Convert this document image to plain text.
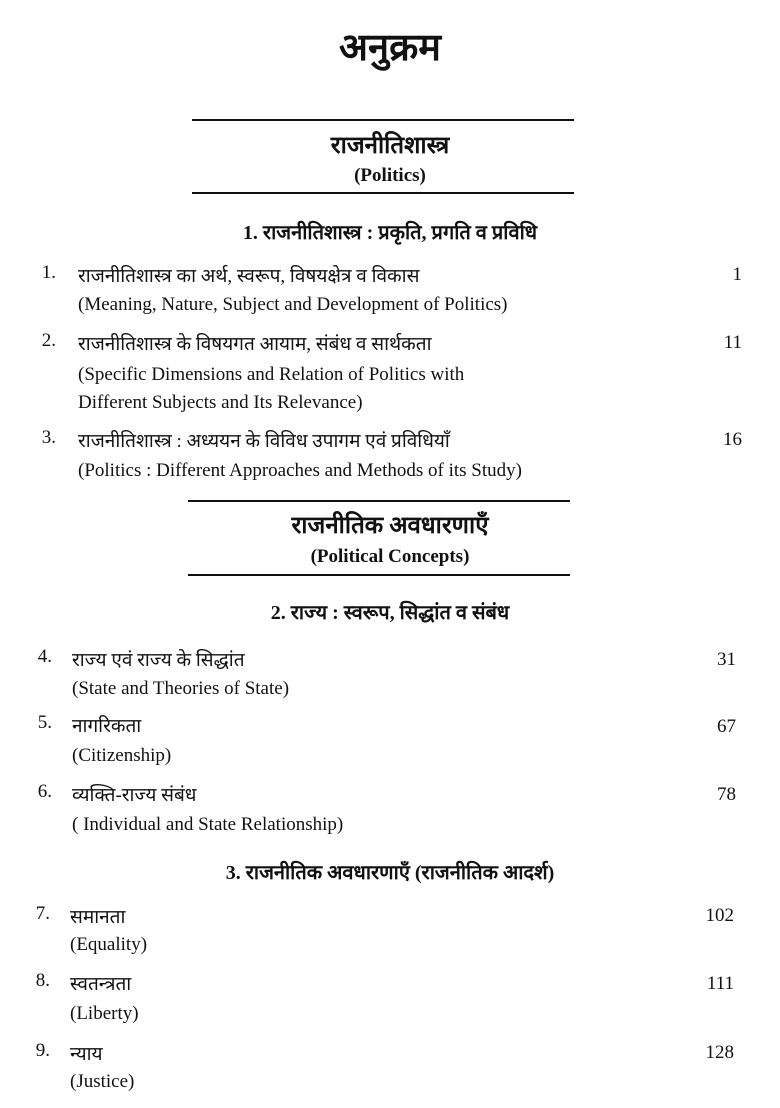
अनुक्रम
राजनीतिशास्त्र
(Politics)
1. राजनीतिशास्त्र : प्रकृति, प्रगति व प्रविधि
1. राजनीतिशास्त्र का अर्थ, स्वरूप, विषयक्षेत्र व विकास
(Meaning, Nature, Subject and Development of Politics)
1
2. राजनीतिशास्त्र के विषयगत आयाम, संबंध व सार्थकता
(Specific Dimensions and Relation of Politics with
Different Subjects and Its Relevance)
11
3. राजनीतिशास्त्र : अध्ययन के विविध उपागम एवं प्रविधियाँ
(Politics : Different Approaches and Methods of its Study)
16
राजनीतिक अवधारणाएँ
(Political Concepts)
2. राज्य : स्वरूप, सिद्धांत व संबंध
4. राज्य एवं राज्य के सिद्धांत
(State and Theories of State)
31
5. नागरिकता
(Citizenship)
67
6. व्यक्ति-राज्य संबंध
( Individual and State Relationship)
78
3. राजनीतिक अवधारणाएँ (राजनीतिक आदर्श)
7. समानता
(Equality)
102
8. स्वतन्त्रता
(Liberty)
111
9. न्याय
(Justice)
128
